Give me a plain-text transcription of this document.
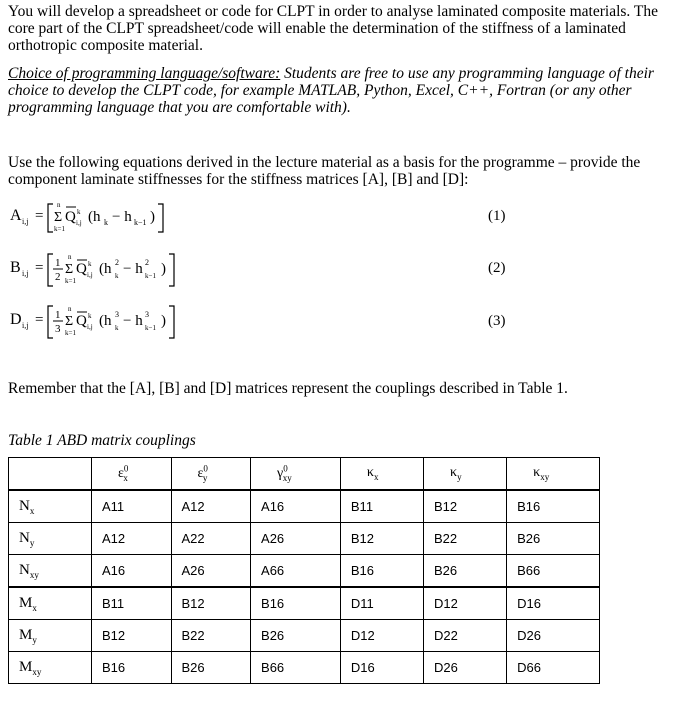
You will develop a spreadsheet or code for CLPT in order to analyse laminated composite materials. The core part of the CLPT spreadsheet/code will enable the determination of the stiffness of a laminated orthotropic composite material.

Choice of programming language/software: Students are free to use any programming language of their choice to develop the CLPT code, for example MATLAB, Python, Excel, C++, Fortran (or any other programming language that you are comfortable with).

Use the following equations derived in the lecture material as a basis for the programme – provide the component laminate stiffnesses for the stiffness matrices [A], [B] and [D]:

A i,j =
n
Σ
k=1
Q k
i,j (h k − h k−1 )	(1)
B i,j = 1
2
n
Σ
k=1
Q k
i,j (h 2
k − h 2
k−1 )	(2)
D i,j = 1
3
n
Σ
k=1
Q k
i,j (h 3
k − h 3
k−1 )	(3)

Remember that the [A], [B] and [D] matrices represent the couplings described in Table 1.

Table 1 ABD matrix couplings
	$\varepsilon^0_x$	$\varepsilon^0_y$	$\gamma^0_{xy}$	$\kappa_x$	$\kappa_y$	$\kappa_{xy}$
$N_x$	A11	A12	A16	B11	B12	B16
$N_y$	A12	A22	A26	B12	B22	B26
$N_{xy}$	A16	A26	A66	B16	B26	B66
$M_x$	B11	B12	B16	D11	D12	D16
$M_y$	B12	B22	B26	D12	D22	D26
$M_{xy}$	B16	B26	B66	D16	D26	D66
